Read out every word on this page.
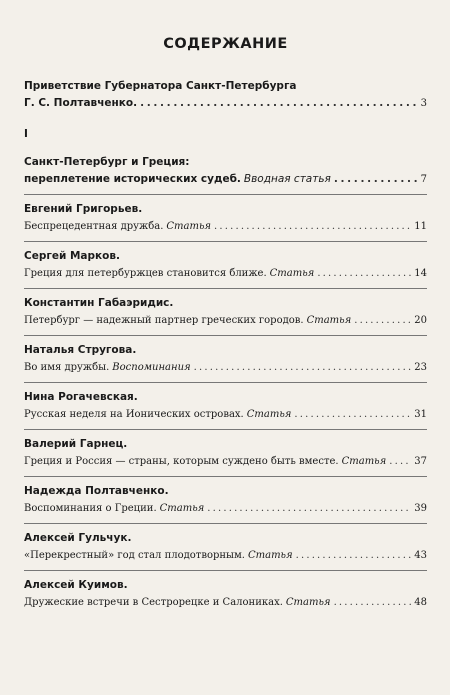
СОДЕРЖАНИЕ
Приветствие Губернатора Санкт-Петербурга
Г. С. Полтавченко. . . .	3
I
Санкт-Петербург и Греция:
переплетение исторических судеб. Вводная статья . . .	7
Евгений Григорьев.
Беспрецедентная дружба. Статья . . .	11
Сергей Марков.
Греция для петербуржцев становится ближе. Статья . . .	14
Константин Габаэридис.
Петербург — надежный партнер греческих городов. Статья . . .	20
Наталья Стругова.
Во имя дружбы. Воспоминания . . .	23
Нина Рогачевская.
Русская неделя на Ионических островах. Статья . . .	31
Валерий Гарнец.
Греция и Россия — страны, которым суждено быть вместе. Статья . . .	37
Надежда Полтавченко.
Воспоминания о Греции. Статья . . .	39
Алексей Гульчук.
«Перекрестный» год стал плодотворным. Статья . . .	43
Алексей Куимов.
Дружеские встречи в Сестрорецке и Салониках. Статья . . .	48
